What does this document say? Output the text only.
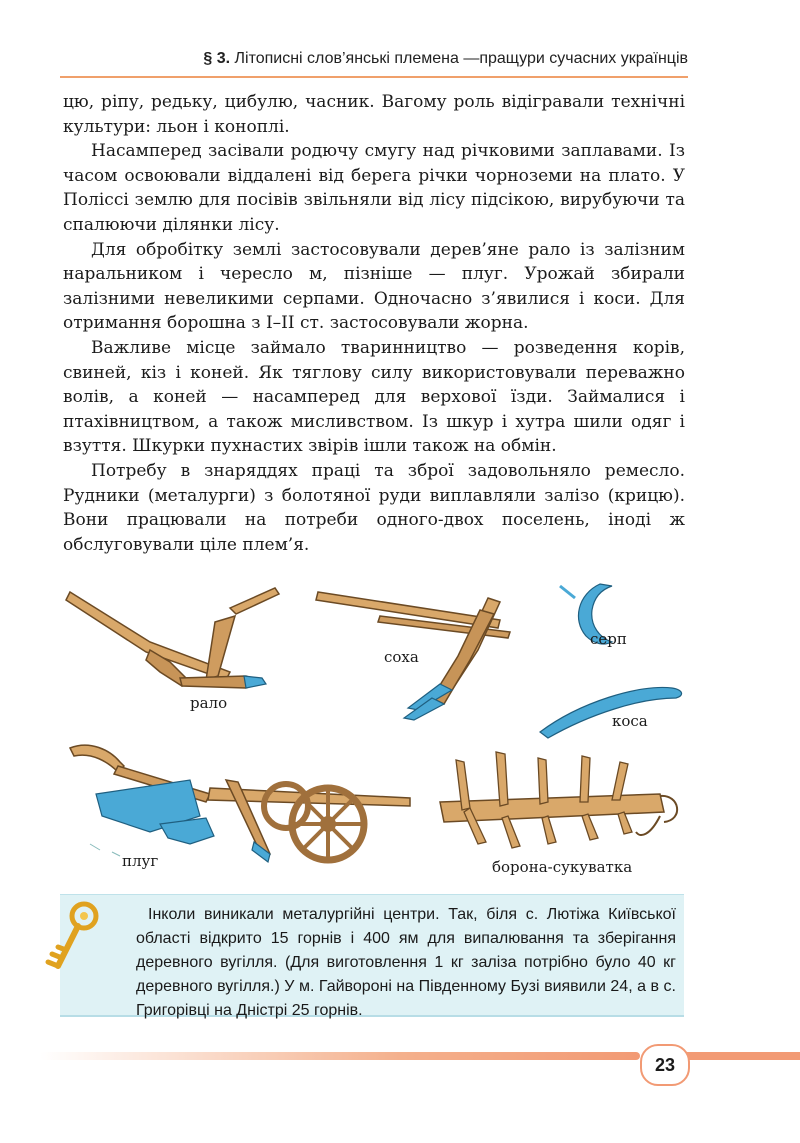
§ 3. Літописні слов’янські племена —пращури сучасних українців

цю, ріпу, редьку, цибулю, часник. Вагому роль відігравали технічні культури: льон і коноплі.

Насамперед засівали родючу смугу над річковими заплавами. Із часом освоювали віддалені від берега річки чорноземи на плато. У Поліссі землю для посівів звільняли від лісу підсікою, вирубуючи та спалюючи ділянки лісу.

Для обробітку землі застосовували дерев’яне рало із залізним наральником і чересло м, пізніше — плуг. Урожай збирали залізними невеликими серпами. Одночасно з’явилися і коси. Для отримання борошна з І–ІІ ст. застосовували жорна.

Важливе місце займало тваринництво — розведення корів, свиней, кіз і коней. Як тяглову силу використовували переважно волів, а коней — насамперед для верхової їзди. Займалися і птахівництвом, а також мисливством. Із шкур і хутра шили одяг і взуття. Шкурки пухнастих звірів ішли також на обмін.

Потребу в знаряддях праці та зброї задовольняло ремесло. Рудники (металурги) з болотяної руди виплавляли залізо (крицю). Вони працювали на потреби одного-двох поселень, іноді ж обслуговували ціле плем’я.

рало
соха
серп
коса
плуг	борона-сукуватка
Інколи виникали металургійні центри. Так, біля с. Лютіжа Київської області відкрито 15 горнів і 400 ям для випалювання та зберігання деревного вугілля. (Для виготовлення 1 кг заліза потрібно було 40 кг деревного вугілля.) У м. Гайвороні на Південному Бузі виявили 24, а в с. Григорівці на Дністрі 25 горнів.
23
